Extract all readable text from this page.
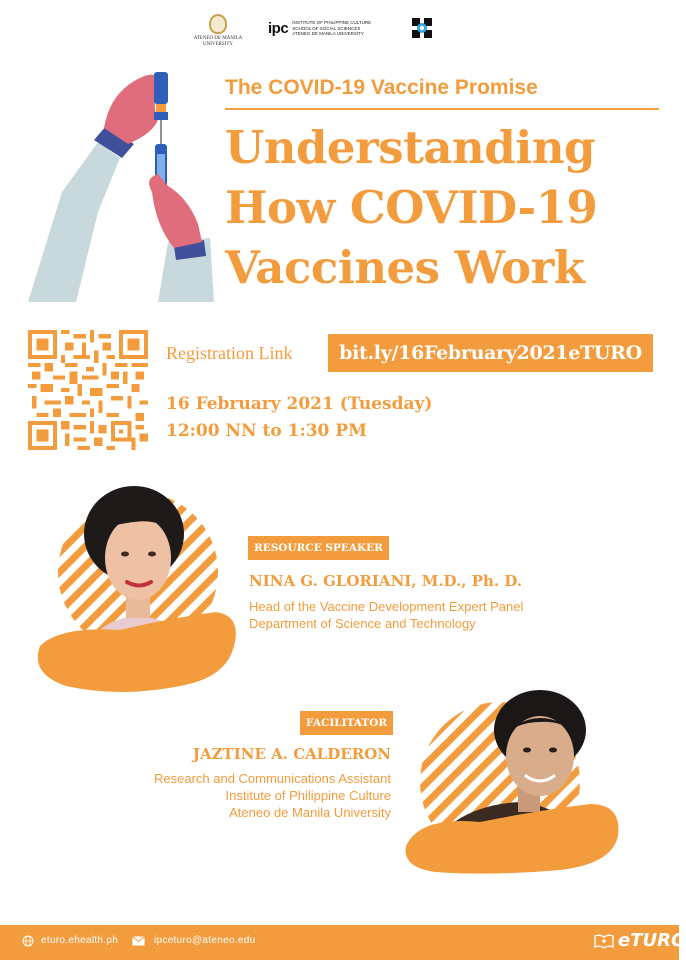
ATENEO DE MANILA
UNIVERSITY
ipc INSTITUTE OF PHILIPPINE CULTURE
SCHOOL OF SOCIAL SCIENCES
ATENEO DE MANILA UNIVERSITY
The COVID-19 Vaccine Promise
Understanding
How COVID-19
Vaccines Work
Registration Link	bit.ly/16February2021eTURO
16 February 2021 (Tuesday)
12:00 NN to 1:30 PM
RESOURCE SPEAKER
NINA G. GLORIANI, M.D., Ph. D.
Head of the Vaccine Development Expert Panel
Department of Science and Technology
FACILITATOR
JAZTINE A. CALDERON
Research and Communications Assistant
Institute of Philippine Culture
Ateneo de Manila University
eturo.ehealth.ph	ipceturo@ateneo.edu	eTURO
